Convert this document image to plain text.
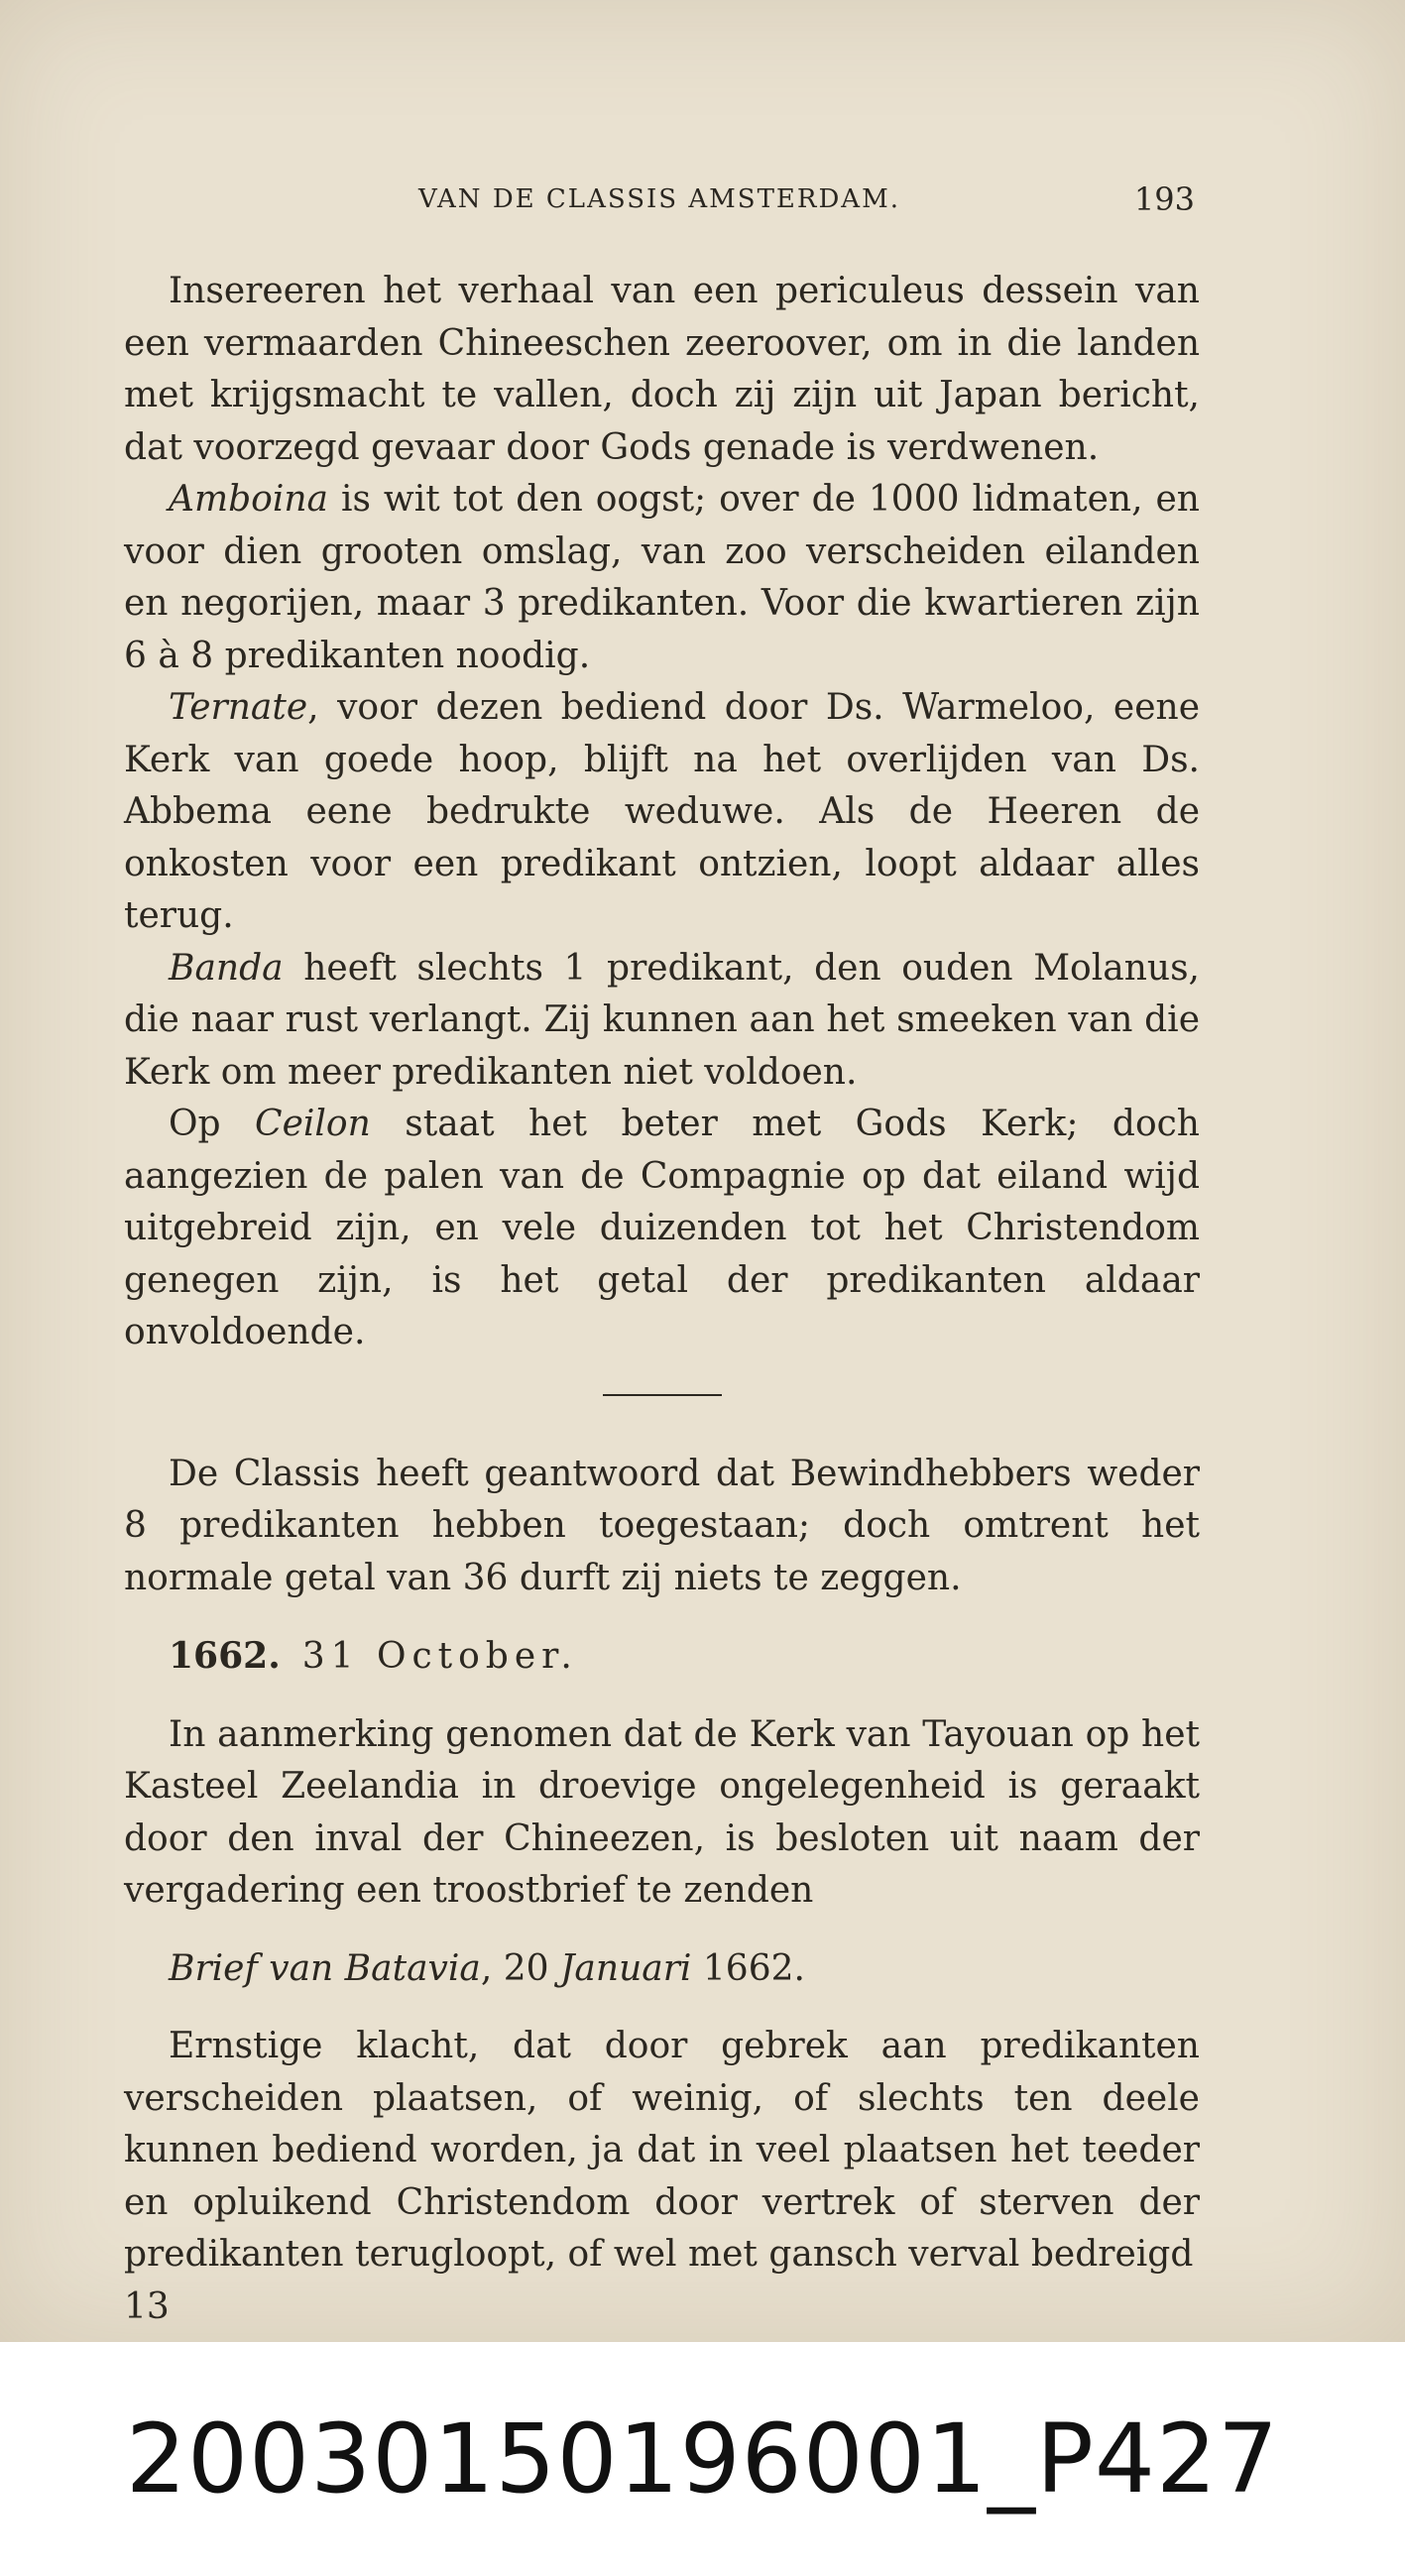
VAN DE CLASSIS AMSTERDAM.	193

Insereeren het verhaal van een periculeus dessein van een vermaarden Chineeschen zeeroover, om in die landen met krijgsmacht te vallen, doch zij zijn uit Japan bericht, dat voorzegd gevaar door Gods genade is verdwenen.

Amboina is wit tot den oogst; over de 1000 lidmaten, en voor dien grooten omslag, van zoo verscheiden eilanden en negorijen, maar 3 predikanten. Voor die kwartieren zijn 6 à 8 predikanten noodig.

Ternate, voor dezen bediend door Ds. Warmeloo, eene Kerk van goede hoop, blijft na het overlijden van Ds. Abbema eene bedrukte weduwe. Als de Heeren de onkosten voor een predikant ontzien, loopt aldaar alles terug.

Banda heeft slechts 1 predikant, den ouden Molanus, die naar rust verlangt. Zij kunnen aan het smeeken van die Kerk om meer predikanten niet voldoen.

Op Ceilon staat het beter met Gods Kerk; doch aangezien de palen van de Compagnie op dat eiland wijd uitgebreid zijn, en vele duizenden tot het Christendom genegen zijn, is het getal der predikanten aldaar onvoldoende.

De Classis heeft geantwoord dat Bewindhebbers weder 8 predikanten hebben toegestaan; doch omtrent het normale getal van 36 durft zij niets te zeggen.

1662. 31 October.

In aanmerking genomen dat de Kerk van Tayouan op het Kasteel Zeelandia in droevige ongelegenheid is geraakt door den inval der Chineezen, is besloten uit naam der vergadering een troostbrief te zenden

Brief van Batavia, 20 Januari 1662.

Ernstige klacht, dat door gebrek aan predikanten verscheiden plaatsen, of weinig, of slechts ten deele kunnen bediend worden, ja dat in veel plaatsen het teeder en opluikend Christendom door vertrek of sterven der predikanten terugloopt, of wel met gansch verval bedreigd

13

20030150196001_P427
